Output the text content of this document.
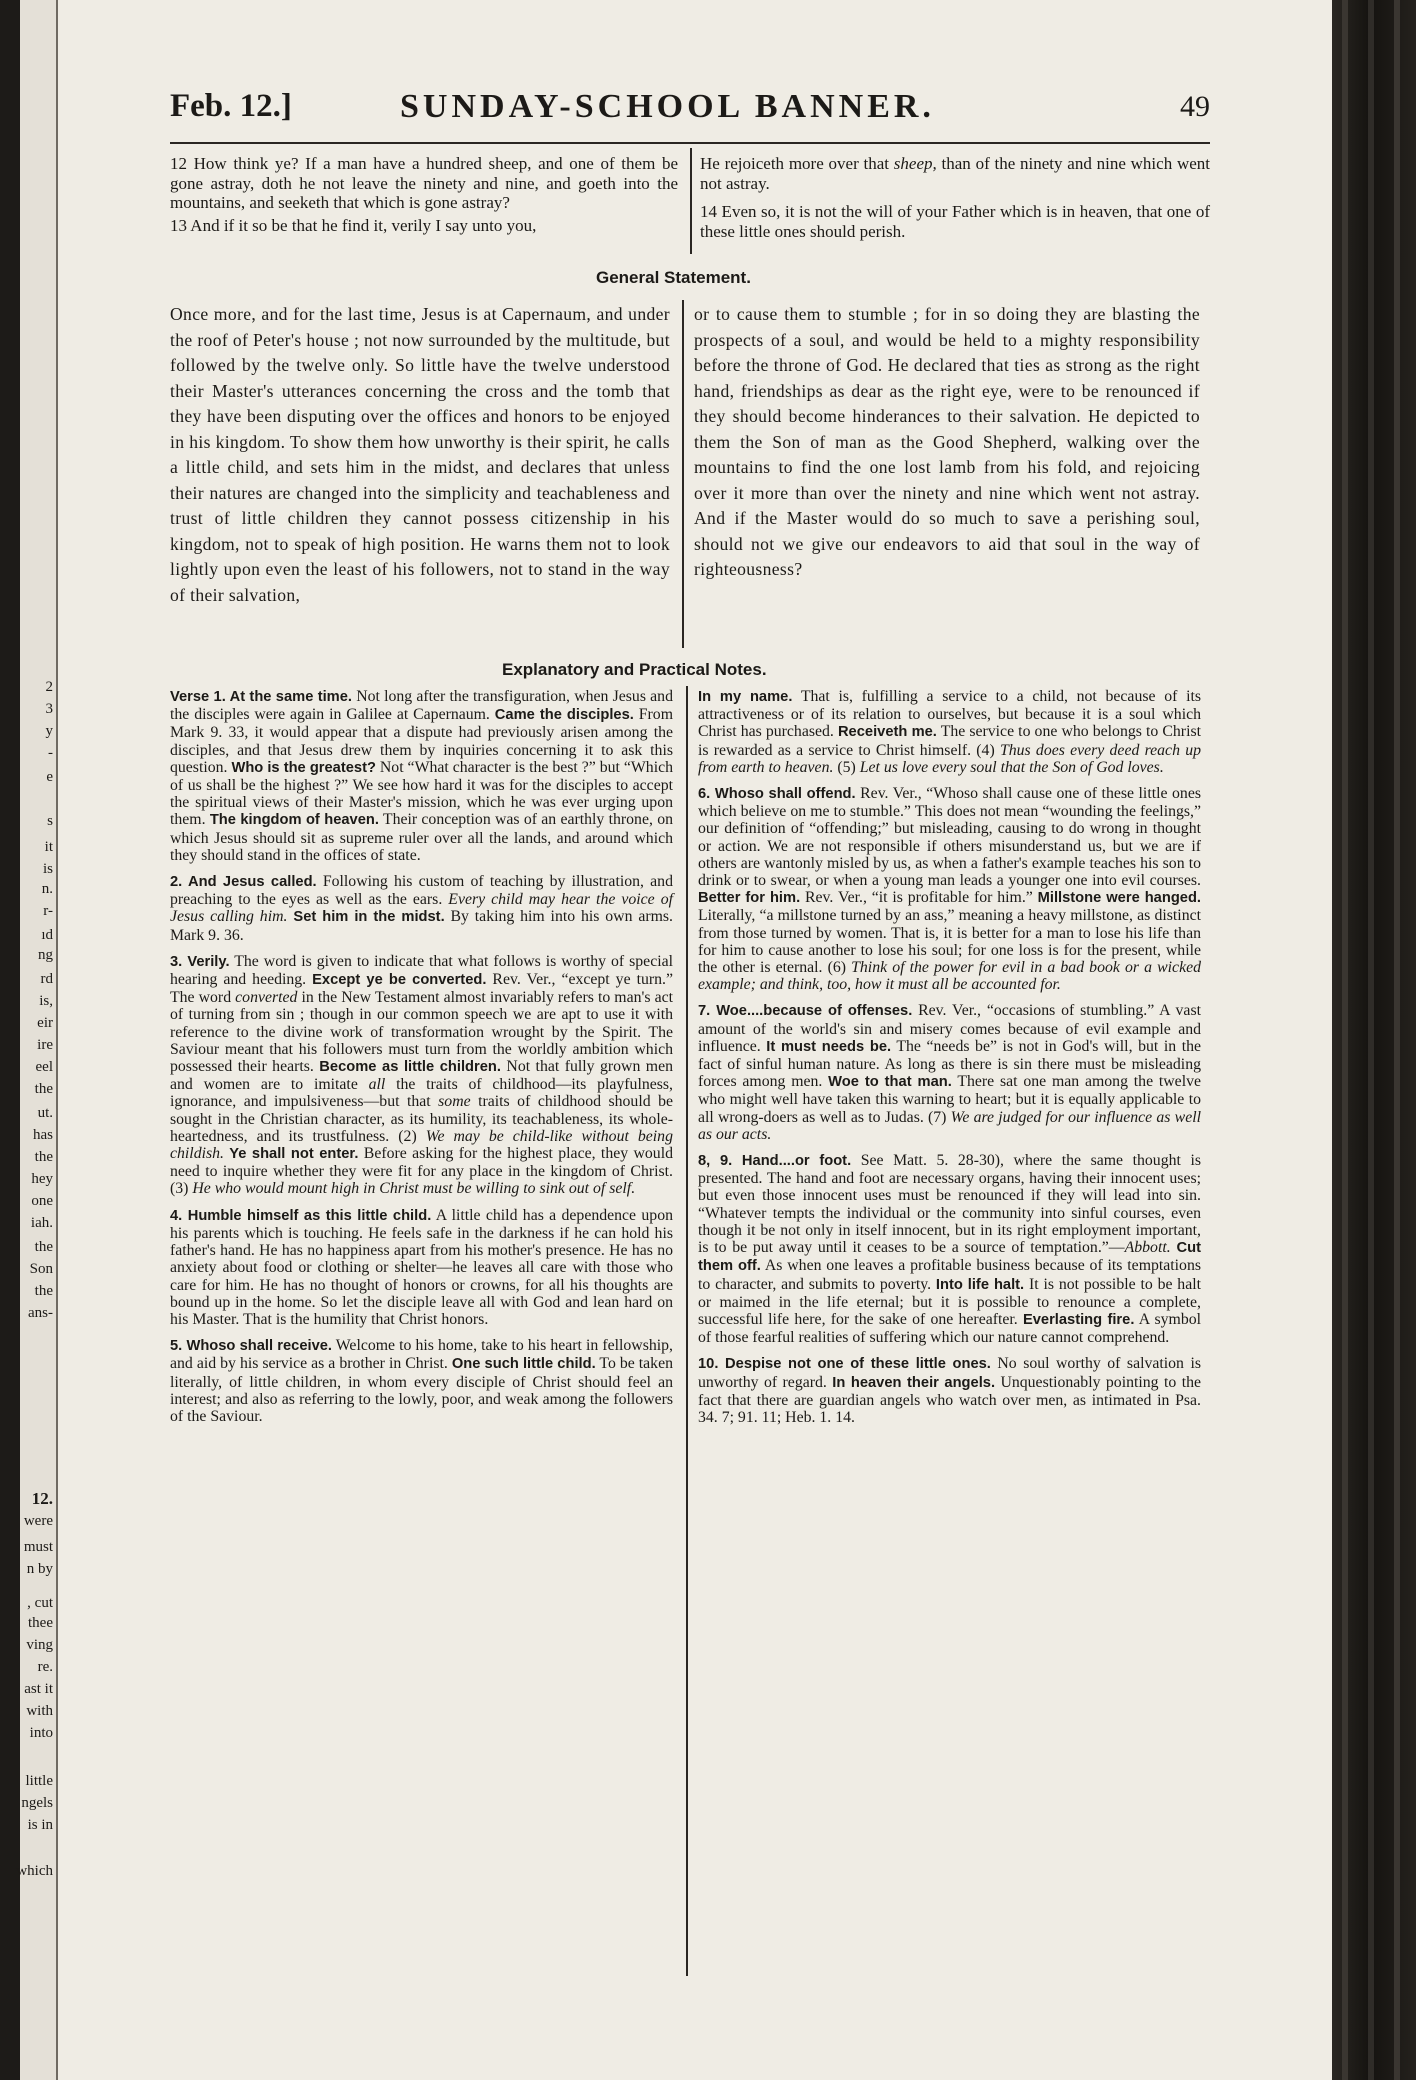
2
3
y
-
e
s
it
is
n.
r-
ıd
ng
rd
is,
eir
ire
eel
the
ut.
has
the
hey
one
iah.
the
Son
the
ans-
12.
were
must
n by
, cut
thee
ving
re.
ast it
with
into
little
ngels
is in
which
Feb. 12.]	SUNDAY-SCHOOL BANNER.	49

12 How think ye? If a man have a hundred sheep, and one of them be gone astray, doth he not leave the ninety and nine, and goeth into the mountains, and seeketh that which is gone astray?

13 And if it so be that he find it, verily I say unto you,

He rejoiceth more over that sheep, than of the ninety and nine which went not astray.

14 Even so, it is not the will of your Father which is in heaven, that one of these little ones should perish.

General Statement.
Once more, and for the last time, Jesus is at Capernaum, and under the roof of Peter's house ; not now surrounded by the multitude, but followed by the twelve only. So little have the twelve understood their Master's utterances concerning the cross and the tomb that they have been disputing over the offices and honors to be enjoyed in his kingdom. To show them how unworthy is their spirit, he calls a little child, and sets him in the midst, and declares that unless their natures are changed into the simplicity and teachableness and trust of little children they cannot possess citizenship in his kingdom, not to speak of high position. He warns them not to look lightly upon even the least of his followers, not to stand in the way of their salvation,
or to cause them to stumble ; for in so doing they are blasting the prospects of a soul, and would be held to a mighty responsibility before the throne of God. He declared that ties as strong as the right hand, friendships as dear as the right eye, were to be renounced if they should become hinderances to their salvation. He depicted to them the Son of man as the Good Shepherd, walking over the mountains to find the one lost lamb from his fold, and rejoicing over it more than over the ninety and nine which went not astray. And if the Master would do so much to save a perishing soul, should not we give our endeavors to aid that soul in the way of righteousness?
Explanatory and Practical Notes.

Verse 1. At the same time. Not long after the transfiguration, when Jesus and the disciples were again in Galilee at Capernaum. Came the disciples. From Mark 9. 33, it would appear that a dispute had previously arisen among the disciples, and that Jesus drew them by inquiries concerning it to ask this question. Who is the greatest? Not “What character is the best ?” but “Which of us shall be the highest ?” We see how hard it was for the disciples to accept the spiritual views of their Master's mission, which he was ever urging upon them. The kingdom of heaven. Their conception was of an earthly throne, on which Jesus should sit as supreme ruler over all the lands, and around which they should stand in the offices of state.

2. And Jesus called. Following his custom of teaching by illustration, and preaching to the eyes as well as the ears. Every child may hear the voice of Jesus calling him. Set him in the midst. By taking him into his own arms. Mark 9. 36.

3. Verily. The word is given to indicate that what follows is worthy of special hearing and heeding. Except ye be converted. Rev. Ver., “except ye turn.” The word converted in the New Testament almost invariably refers to man's act of turning from sin ; though in our common speech we are apt to use it with reference to the divine work of transformation wrought by the Spirit. The Saviour meant that his followers must turn from the worldly ambition which possessed their hearts. Become as little children. Not that fully grown men and women are to imitate all the traits of childhood—its playfulness, ignorance, and impulsiveness—but that some traits of childhood should be sought in the Christian character, as its humility, its teachableness, its whole-heartedness, and its trustfulness. (2) We may be child-like without being childish. Ye shall not enter. Before asking for the highest place, they would need to inquire whether they were fit for any place in the kingdom of Christ. (3) He who would mount high in Christ must be willing to sink out of self.

4. Humble himself as this little child. A little child has a dependence upon his parents which is touching. He feels safe in the darkness if he can hold his father's hand. He has no happiness apart from his mother's presence. He has no anxiety about food or clothing or shelter—he leaves all care with those who care for him. He has no thought of honors or crowns, for all his thoughts are bound up in the home. So let the disciple leave all with God and lean hard on his Master. That is the humility that Christ honors.

5. Whoso shall receive. Welcome to his home, take to his heart in fellowship, and aid by his service as a brother in Christ. One such little child. To be taken literally, of little children, in whom every disciple of Christ should feel an interest; and also as referring to the lowly, poor, and weak among the followers of the Saviour.

In my name. That is, fulfilling a service to a child, not because of its attractiveness or of its relation to ourselves, but because it is a soul which Christ has purchased. Receiveth me. The service to one who belongs to Christ is rewarded as a service to Christ himself. (4) Thus does every deed reach up from earth to heaven. (5) Let us love every soul that the Son of God loves.

6. Whoso shall offend. Rev. Ver., “Whoso shall cause one of these little ones which believe on me to stumble.” This does not mean “wounding the feelings,” our definition of “offending;” but misleading, causing to do wrong in thought or action. We are not responsible if others misunderstand us, but we are if others are wantonly misled by us, as when a father's example teaches his son to drink or to swear, or when a young man leads a younger one into evil courses. Better for him. Rev. Ver., “it is profitable for him.” Millstone were hanged. Literally, “a millstone turned by an ass,” meaning a heavy millstone, as distinct from those turned by women. That is, it is better for a man to lose his life than for him to cause another to lose his soul; for one loss is for the present, while the other is eternal. (6) Think of the power for evil in a bad book or a wicked example; and think, too, how it must all be accounted for.

7. Woe....because of offenses. Rev. Ver., “occasions of stumbling.” A vast amount of the world's sin and misery comes because of evil example and influence. It must needs be. The “needs be” is not in God's will, but in the fact of sinful human nature. As long as there is sin there must be misleading forces among men. Woe to that man. There sat one man among the twelve who might well have taken this warning to heart; but it is equally applicable to all wrong-doers as well as to Judas. (7) We are judged for our influence as well as our acts.

8, 9. Hand....or foot. See Matt. 5. 28-30), where the same thought is presented. The hand and foot are necessary organs, having their innocent uses; but even those innocent uses must be renounced if they will lead into sin. “Whatever tempts the individual or the community into sinful courses, even though it be not only in itself innocent, but in its right employment important, is to be put away until it ceases to be a source of temptation.”—Abbott. Cut them off. As when one leaves a profitable business because of its temptations to character, and submits to poverty. Into life halt. It is not possible to be halt or maimed in the life eternal; but it is possible to renounce a complete, successful life here, for the sake of one hereafter. Everlasting fire. A symbol of those fearful realities of suffering which our nature cannot comprehend.

10. Despise not one of these little ones. No soul worthy of salvation is unworthy of regard. In heaven their angels. Unquestionably pointing to the fact that there are guardian angels who watch over men, as intimated in Psa. 34. 7; 91. 11; Heb. 1. 14.
